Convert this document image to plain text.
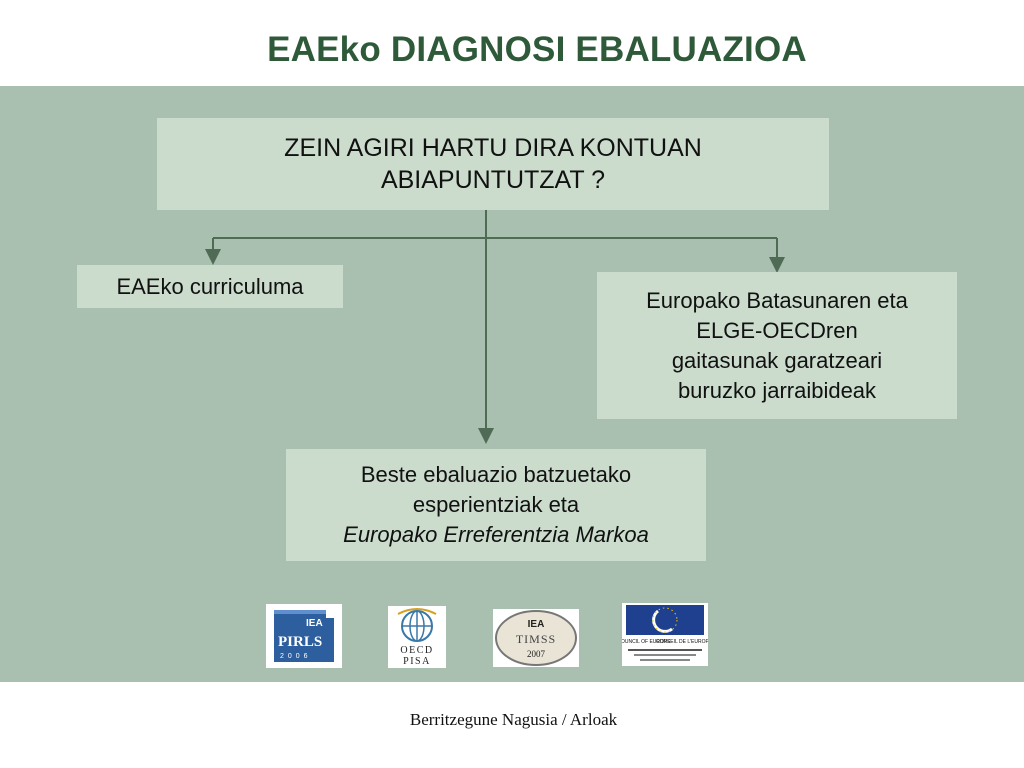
EAEko DIAGNOSI EBALUAZIOA
ZEIN AGIRI HARTU DIRA KONTUAN
ABIAPUNTUTZAT ?
EAEko curriculuma
Europako Batasunaren eta
ELGE-OECDren
gaitasunak garatzeari
buruzko jarraibideak
Beste ebaluazio batzuetako
esperientziak eta
Europako Erreferentzia Markoa
IEA
PIRLS
2006
OECD
PISA
IEA
TIMSS
2007
COUNCIL OF EUROPE
CONSEIL DE L'EUROPE
Berritzegune Nagusia / Arloak
